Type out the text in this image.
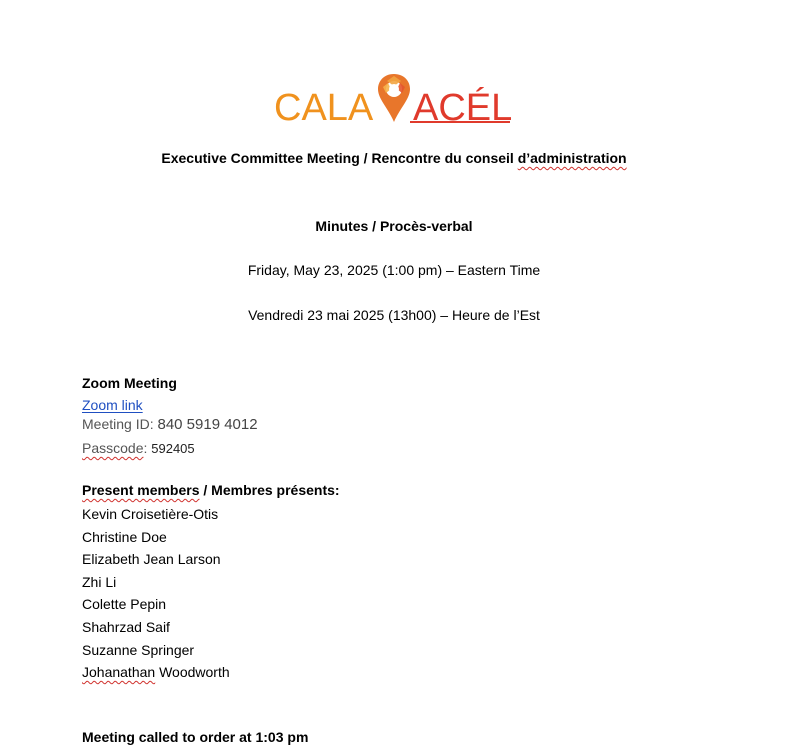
CALA ACÉL
Executive Committee Meeting / Rencontre du conseil d’administration
Minutes / Procès-verbal
Friday, May 23, 2025 (1:00 pm) – Eastern Time
Vendredi 23 mai 2025 (13h00) – Heure de l’Est
Zoom Meeting
Zoom link
Meeting ID: 840 5919 4012
Passcode: 592405
Present members / Membres présents:
Kevin Croisetière-Otis
Christine Doe
Elizabeth Jean Larson
Zhi Li
Colette Pepin
Shahrzad Saif
Suzanne Springer
Johanathan Woodworth
Meeting called to order at 1:03 pm
